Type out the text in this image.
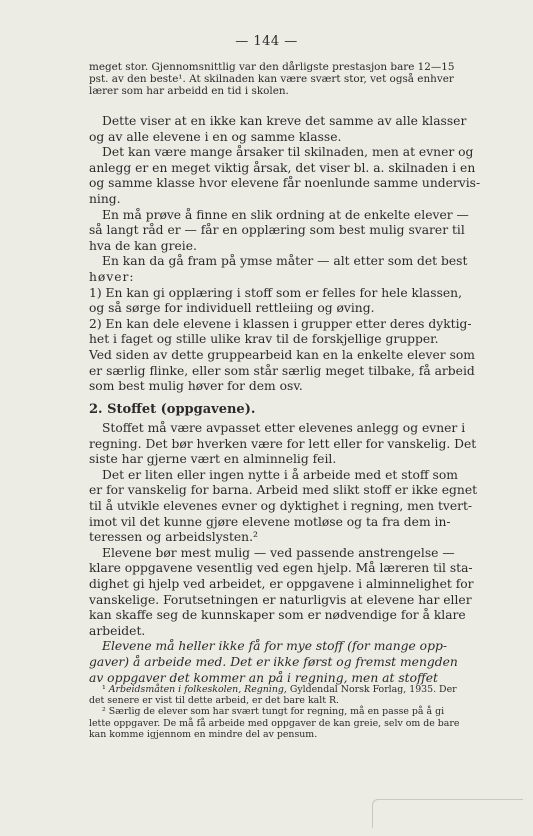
— 144 —
meget stor. Gjennomsnittlig var den dårligste prestasjon bare 12—15
pst. av den beste¹. At skilnaden kan være svært stor, vet også enhver
lærer som har arbeidd en tid i skolen.
Dette viser at en ikke kan kreve det samme av alle klasser
og av alle elevene i en og samme klasse.
Det kan være mange årsaker til skilnaden, men at evner og
anlegg er en meget viktig årsak, det viser bl. a. skilnaden i en
og samme klasse hvor elevene får noenlunde samme undervis-
ning.
En må prøve å finne en slik ordning at de enkelte elever —
så langt råd er — får en opplæring som best mulig svarer til
hva de kan greie.
En kan da gå fram på ymse måter — alt etter som det best
høver:
1) En kan gi opplæring i stoff som er felles for hele klassen,
og så sørge for individuell rettleiing og øving.
2) En kan dele elevene i klassen i grupper etter deres dyktig-
het i faget og stille ulike krav til de forskjellige grupper.
Ved siden av dette gruppearbeid kan en la enkelte elever som
er særlig flinke, eller som står særlig meget tilbake, få arbeid
som best mulig høver for dem osv.
2. Stoffet (oppgavene).
Stoffet må være avpasset etter elevenes anlegg og evner i
regning. Det bør hverken være for lett eller for vanskelig. Det
siste har gjerne vært en alminnelig feil.
Det er liten eller ingen nytte i å arbeide med et stoff som
er for vanskelig for barna. Arbeid med slikt stoff er ikke egnet
til å utvikle elevenes evner og dyktighet i regning, men tvert-
imot vil det kunne gjøre elevene motløse og ta fra dem in-
teressen og arbeidslysten.²
Elevene bør mest mulig — ved passende anstrengelse —
klare oppgavene vesentlig ved egen hjelp. Må læreren til sta-
dighet gi hjelp ved arbeidet, er oppgavene i alminnelighet for
vanskelige. Forutsetningen er naturligvis at elevene har eller
kan skaffe seg de kunnskaper som er nødvendige for å klare
arbeidet.
Elevene må heller ikke få for mye stoff (for mange opp-
gaver) å arbeide med. Det er ikke først og fremst mengden
av oppgaver det kommer an på i regning, men at stoffet
¹ Arbeidsmåten i folkeskolen, Regning, Gyldendal Norsk Forlag, 1935. Der
det senere er vist til dette arbeid, er det bare kalt R.
² Særlig de elever som har svært tungt for regning, må en passe på å gi
lette oppgaver. De må få arbeide med oppgaver de kan greie, selv om de bare
kan komme igjennom en mindre del av pensum.
